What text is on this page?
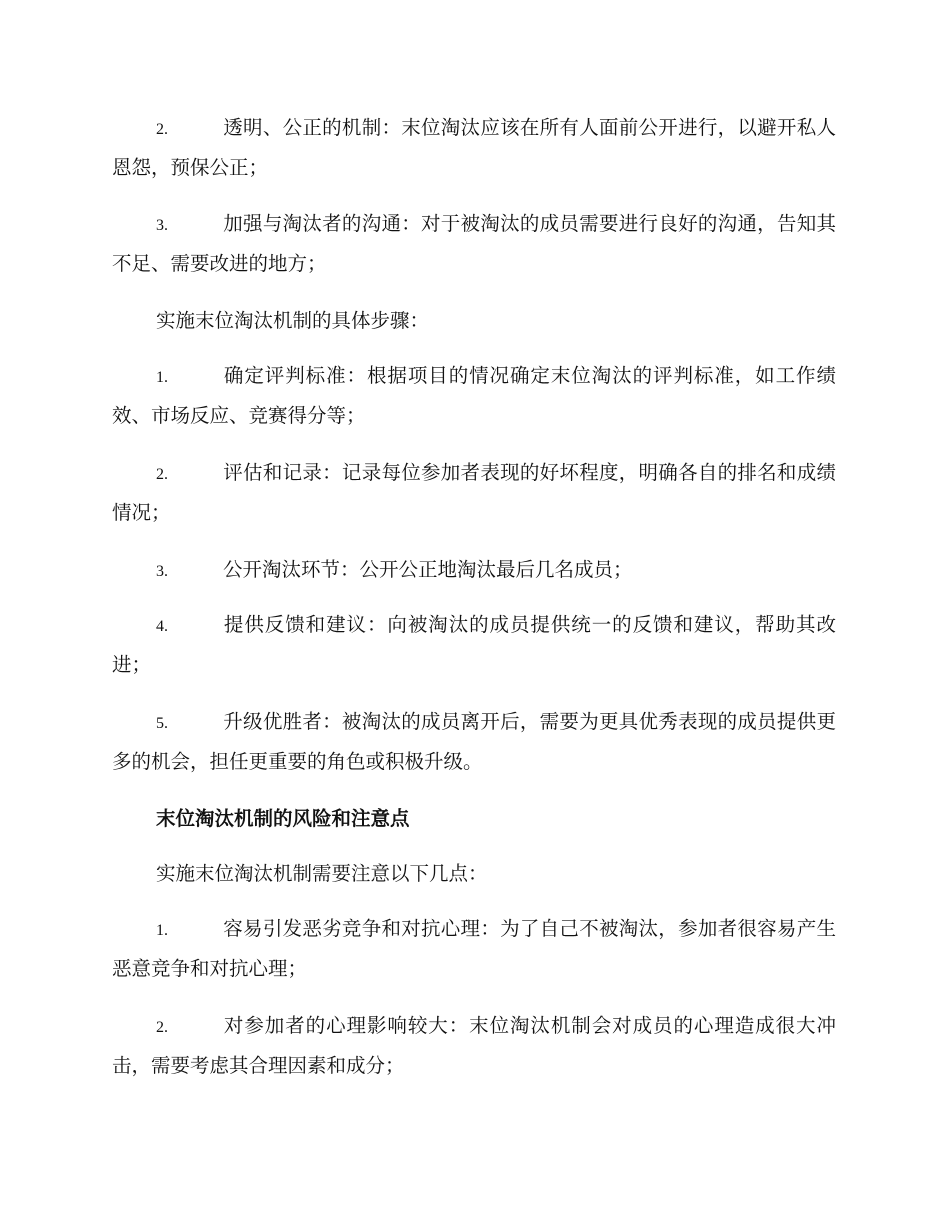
2.	透明、公正的机制：末位淘汰应该在所有人面前公开进行，以避开私人恩怨，预保公正；
3.	加强与淘汰者的沟通：对于被淘汰的成员需要进行良好的沟通，告知其不足、需要改进的地方；
实施末位淘汰机制的具体步骤：
1.	确定评判标准：根据项目的情况确定末位淘汰的评判标准，如工作绩效、市场反应、竞赛得分等；
2.	评估和记录：记录每位参加者表现的好坏程度，明确各自的排名和成绩情况；
3.	公开淘汰环节：公开公正地淘汰最后几名成员；
4.	提供反馈和建议：向被淘汰的成员提供统一的反馈和建议，帮助其改进；
5.	升级优胜者：被淘汰的成员离开后，需要为更具优秀表现的成员提供更多的机会，担任更重要的角色或积极升级。
末位淘汰机制的风险和注意点
实施末位淘汰机制需要注意以下几点：
1.	容易引发恶劣竞争和对抗心理：为了自己不被淘汰，参加者很容易产生恶意竞争和对抗心理；
2.	对参加者的心理影响较大：末位淘汰机制会对成员的心理造成很大冲击，需要考虑其合理因素和成分；
